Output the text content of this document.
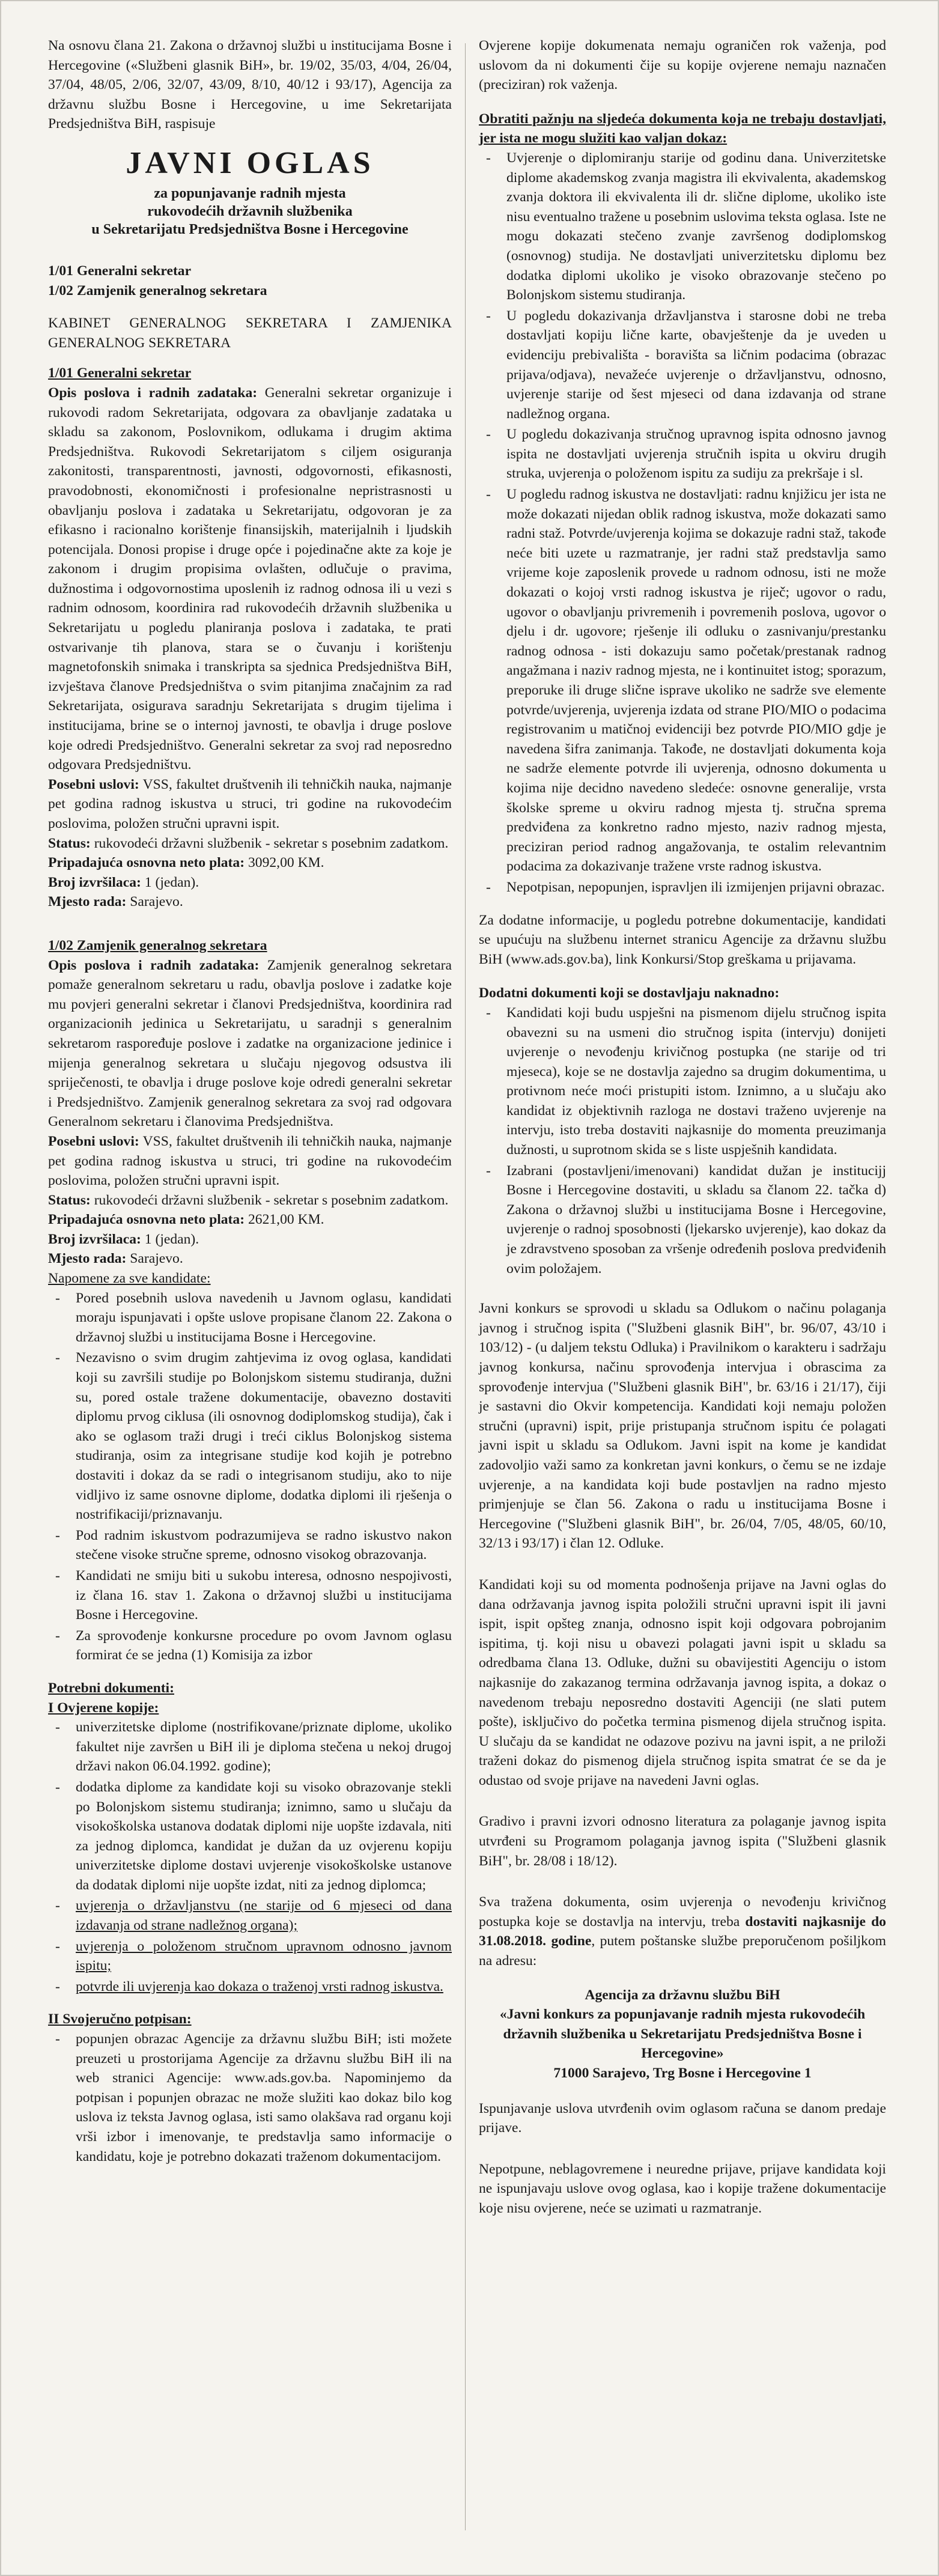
Na osnovu člana 21. Zakona o državnoj službi u institucijama Bosne i Hercegovine («Službeni glasnik BiH», br. 19/02, 35/03, 4/04, 26/04, 37/04, 48/05, 2/06, 32/07, 43/09, 8/10, 40/12 i 93/17), Agencija za državnu službu Bosne i Hercegovine, u ime Sekretarijata Predsjedništva BiH, raspisuje

JAVNI OGLAS
za popunjavanje radnih mjesta
rukovodećih državnih službenika
u Sekretarijatu Predsjedništva Bosne i Hercegovine

1/01 Generalni sekretar

1/02 Zamjenik generalnog sekretara

KABINET GENERALNOG SEKRETARA I ZAMJENIKA GENERALNOG SEKRETARA

1/01 Generalni sekretar

Opis poslova i radnih zadataka: Generalni sekretar organizuje i rukovodi radom Sekretarijata, odgovara za obavljanje zadataka u skladu sa zakonom, Poslovnikom, odlukama i drugim aktima Predsjedništva. Rukovodi Sekretarijatom s ciljem osiguranja zakonitosti, transparentnosti, javnosti, odgovornosti, efikasnosti, pravodobnosti, ekonomičnosti i profesionalne nepristrasnosti u obavljanju poslova i zadataka u Sekretarijatu, odgovoran je za efikasno i racionalno korištenje finansijskih, materijalnih i ljudskih potencijala. Donosi propise i druge opće i pojedinačne akte za koje je zakonom i drugim propisima ovlašten, odlučuje o pravima, dužnostima i odgovornostima uposlenih iz radnog odnosa ili u vezi s radnim odnosom, koordinira rad rukovodećih državnih službenika u Sekretarijatu u pogledu planiranja poslova i zadataka, te prati ostvarivanje tih planova, stara se o čuvanju i korištenju magnetofonskih snimaka i transkripta sa sjednica Predsjedništva BiH, izvještava članove Predsjedništva o svim pitanjima značajnim za rad Sekretarijata, osigurava saradnju Sekretarijata s drugim tijelima i institucijama, brine se o internoj javnosti, te obavlja i druge poslove koje odredi Predsjedništvo. Generalni sekretar za svoj rad neposredno odgovara Predsjedništvu.

Posebni uslovi: VSS, fakultet društvenih ili tehničkih nauka, najmanje pet godina radnog iskustva u struci, tri godine na rukovodećim poslovima, položen stručni upravni ispit.

Status: rukovodeći državni službenik - sekretar s posebnim zadatkom.

Pripadajuća osnovna neto plata: 3092,00 KM.

Broj izvršilaca: 1 (jedan).

Mjesto rada: Sarajevo.

1/02 Zamjenik generalnog sekretara

Opis poslova i radnih zadataka: Zamjenik generalnog sekretara pomaže generalnom sekretaru u radu, obavlja poslove i zadatke koje mu povjeri generalni sekretar i članovi Predsjedništva, koordinira rad organizacionih jedinica u Sekretarijatu, u saradnji s generalnim sekretarom raspoređuje poslove i zadatke na organizacione jedinice i mijenja generalnog sekretara u slučaju njegovog odsustva ili spriječenosti, te obavlja i druge poslove koje odredi generalni sekretar i Predsjedništvo. Zamjenik generalnog sekretara za svoj rad odgovara Generalnom sekretaru i članovima Predsjedništva.

Posebni uslovi: VSS, fakultet društvenih ili tehničkih nauka, najmanje pet godina radnog iskustva u struci, tri godine na rukovodećim poslovima, položen stručni upravni ispit.

Status: rukovodeći državni službenik - sekretar s posebnim zadatkom.

Pripadajuća osnovna neto plata: 2621,00 KM.

Broj izvršilaca: 1 (jedan).

Mjesto rada: Sarajevo.

Napomene za sve kandidate:

- Pored posebnih uslova navedenih u Javnom oglasu, kandidati moraju ispunjavati i opšte uslove propisane članom 22. Zakona o državnoj službi u institucijama Bosne i Hercegovine.
- Nezavisno o svim drugim zahtjevima iz ovog oglasa, kandidati koji su završili studije po Bolonjskom sistemu studiranja, dužni su, pored ostale tražene dokumentacije, obavezno dostaviti diplomu prvog ciklusa (ili osnovnog dodiplomskog studija), čak i ako se oglasom traži drugi i treći ciklus Bolonjskog sistema studiranja, osim za integrisane studije kod kojih je potrebno dostaviti i dokaz da se radi o integrisanom studiju, ako to nije vidljivo iz same osnovne diplome, dodatka diplomi ili rješenja o nostrifikaciji/priznavanju.
- Pod radnim iskustvom podrazumijeva se radno iskustvo nakon stečene visoke stručne spreme, odnosno visokog obrazovanja.
- Kandidati ne smiju biti u sukobu interesa, odnosno nespojivosti, iz člana 16. stav 1. Zakona o državnoj službi u institucijama Bosne i Hercegovine.
- Za sprovođenje konkursne procedure po ovom Javnom oglasu formirat će se jedna (1) Komisija za izbor

Potrebni dokumenti:

I Ovjerene kopije:

- univerzitetske diplome (nostrifikovane/priznate diplome, ukoliko fakultet nije završen u BiH ili je diploma stečena u nekoj drugoj državi nakon 06.04.1992. godine);
- dodatka diplome za kandidate koji su visoko obrazovanje stekli po Bolonjskom sistemu studiranja; iznimno, samo u slučaju da visokoškolska ustanova dodatak diplomi nije uopšte izdavala, niti za jednog diplomca, kandidat je dužan da uz ovjerenu kopiju univerzitetske diplome dostavi uvjerenje visokoškolske ustanove da dodatak diplomi nije uopšte izdat, niti za jednog diplomca;
- uvjerenja o državljanstvu (ne starije od 6 mjeseci od dana izdavanja od strane nadležnog organa);
- uvjerenja o položenom stručnom upravnom odnosno javnom ispitu;
- potvrde ili uvjerenja kao dokaza o traženoj vrsti radnog iskustva.

II Svojeručno potpisan:

- popunjen obrazac Agencije za državnu službu BiH; isti možete preuzeti u prostorijama Agencije za državnu službu BiH ili na web stranici Agencije: www.ads.gov.ba. Napominjemo da potpisan i popunjen obrazac ne može služiti kao dokaz bilo kog uslova iz teksta Javnog oglasa, isti samo olakšava rad organu koji vrši izbor i imenovanje, te predstavlja samo informacije o kandidatu, koje je potrebno dokazati traženom dokumentacijom.

Ovjerene kopije dokumenata nemaju ograničen rok važenja, pod uslovom da ni dokumenti čije su kopije ovjerene nemaju naznačen (preciziran) rok važenja.

Obratiti pažnju na sljedeća dokumenta koja ne trebaju dostavljati, jer ista ne mogu služiti kao valjan dokaz:

- Uvjerenje o diplomiranju starije od godinu dana. Univerzitetske diplome akademskog zvanja magistra ili ekvivalenta, akademskog zvanja doktora ili ekvivalenta ili dr. slične diplome, ukoliko iste nisu eventualno tražene u posebnim uslovima teksta oglasa. Iste ne mogu dokazati stečeno zvanje završenog dodiplomskog (osnovnog) studija. Ne dostavljati univerzitetsku diplomu bez dodatka diplomi ukoliko je visoko obrazovanje stečeno po Bolonjskom sistemu studiranja.
- U pogledu dokazivanja državljanstva i starosne dobi ne treba dostavljati kopiju lične karte, obavještenje da je uveden u evidenciju prebivališta - boravišta sa ličnim podacima (obrazac prijava/odjava), nevažeće uvjerenje o državljanstvu, odnosno, uvjerenje starije od šest mjeseci od dana izdavanja od strane nadležnog organa.
- U pogledu dokazivanja stručnog upravnog ispita odnosno javnog ispita ne dostavljati uvjerenja stručnih ispita u okviru drugih struka, uvjerenja o položenom ispitu za sudiju za prekršaje i sl.
- U pogledu radnog iskustva ne dostavljati: radnu knjižicu jer ista ne može dokazati nijedan oblik radnog iskustva, može dokazati samo radni staž. Potvrde/uvjerenja kojima se dokazuje radni staž, takođe neće biti uzete u razmatranje, jer radni staž predstavlja samo vrijeme koje zaposlenik provede u radnom odnosu, isti ne može dokazati o kojoj vrsti radnog iskustva je riječ; ugovor o radu, ugovor o obavljanju privremenih i povremenih poslova, ugovor o djelu i dr. ugovore; rješenje ili odluku o zasnivanju/prestanku radnog odnosa - isti dokazuju samo početak/prestanak radnog angažmana i naziv radnog mjesta, ne i kontinuitet istog; sporazum, preporuke ili druge slične isprave ukoliko ne sadrže sve elemente potvrde/uvjerenja, uvjerenja izdata od strane PIO/MIO o podacima registrovanim u matičnoj evidenciji bez potvrde PIO/MIO gdje je navedena šifra zanimanja. Takođe, ne dostavljati dokumenta koja ne sadrže elemente potvrde ili uvjerenja, odnosno dokumenta u kojima nije decidno navedeno sledeće: osnovne generalije, vrsta školske spreme u okviru radnog mjesta tj. stručna sprema predviđena za konkretno radno mjesto, naziv radnog mjesta, preciziran period radnog angažovanja, te ostalim relevantnim podacima za dokazivanje tražene vrste radnog iskustva.
- Nepotpisan, nepopunjen, ispravljen ili izmijenjen prijavni obrazac.

Za dodatne informacije, u pogledu potrebne dokumentacije, kandidati se upućuju na službenu internet stranicu Agencije za državnu službu BiH (www.ads.gov.ba), link Konkursi/Stop greškama u prijavama.

Dodatni dokumenti koji se dostavljaju naknadno:

- Kandidati koji budu uspješni na pismenom dijelu stručnog ispita obavezni su na usmeni dio stručnog ispita (intervju) donijeti uvjerenje o nevođenju krivičnog postupka (ne starije od tri mjeseca), koje se ne dostavlja zajedno sa drugim dokumentima, u protivnom neće moći pristupiti istom. Iznimno, a u slučaju ako kandidat iz objektivnih razloga ne dostavi traženo uvjerenje na intervju, isto treba dostaviti najkasnije do momenta preuzimanja dužnosti, u suprotnom skida se s liste uspješnih kandidata.
- Izabrani (postavljeni/imenovani) kandidat dužan je institucijj Bosne i Hercegovine dostaviti, u skladu sa članom 22. tačka d) Zakona o državnoj službi u institucijama Bosne i Hercegovine, uvjerenje o radnoj sposobnosti (ljekarsko uvjerenje), kao dokaz da je zdravstveno sposoban za vršenje određenih poslova predviđenih ovim položajem.

Javni konkurs se sprovodi u skladu sa Odlukom o načinu polaganja javnog i stručnog ispita ("Službeni glasnik BiH", br. 96/07, 43/10 i 103/12) - (u daljem tekstu Odluka) i Pravilnikom o karakteru i sadržaju javnog konkursa, načinu sprovođenja intervjua i obrascima za sprovođenje intervjua ("Službeni glasnik BiH", br. 63/16 i 21/17), čiji je sastavni dio Okvir kompetencija. Kandidati koji nemaju položen stručni (upravni) ispit, prije pristupanja stručnom ispitu će polagati javni ispit u skladu sa Odlukom. Javni ispit na kome je kandidat zadovoljio važi samo za konkretan javni konkurs, o čemu se ne izdaje uvjerenje, a na kandidata koji bude postavljen na radno mjesto primjenjuje se član 56. Zakona o radu u institucijama Bosne i Hercegovine ("Službeni glasnik BiH", br. 26/04, 7/05, 48/05, 60/10, 32/13 i 93/17) i član 12. Odluke.

Kandidati koji su od momenta podnošenja prijave na Javni oglas do dana održavanja javnog ispita položili stručni upravni ispit ili javni ispit, ispit opšteg znanja, odnosno ispit koji odgovara pobrojanim ispitima, tj. koji nisu u obavezi polagati javni ispit u skladu sa odredbama člana 13. Odluke, dužni su obavijestiti Agenciju o istom najkasnije do zakazanog termina održavanja javnog ispita, a dokaz o navedenom trebaju neposredno dostaviti Agenciji (ne slati putem pošte), isključivo do početka termina pismenog dijela stručnog ispita. U slučaju da se kandidat ne odazove pozivu na javni ispit, a ne priloži traženi dokaz do pismenog dijela stručnog ispita smatrat će se da je odustao od svoje prijave na navedeni Javni oglas.

Gradivo i pravni izvori odnosno literatura za polaganje javnog ispita utvrđeni su Programom polaganja javnog ispita ("Službeni glasnik BiH", br. 28/08 i 18/12).

Sva tražena dokumenta, osim uvjerenja o nevođenju krivičnog postupka koje se dostavlja na intervju, treba dostaviti najkasnije do 31.08.2018. godine, putem poštanske službe preporučenom pošiljkom na adresu:

Agencija za državnu službu BiH

«Javni konkurs za popunjavanje radnih mjesta rukovodećih državnih službenika u Sekretarijatu Predsjedništva Bosne i Hercegovine»

71000 Sarajevo, Trg Bosne i Hercegovine 1

Ispunjavanje uslova utvrđenih ovim oglasom računa se danom predaje prijave.

Nepotpune, neblagovremene i neuredne prijave, prijave kandidata koji ne ispunjavaju uslove ovog oglasa, kao i kopije tražene dokumentacije koje nisu ovjerene, neće se uzimati u razmatranje.
